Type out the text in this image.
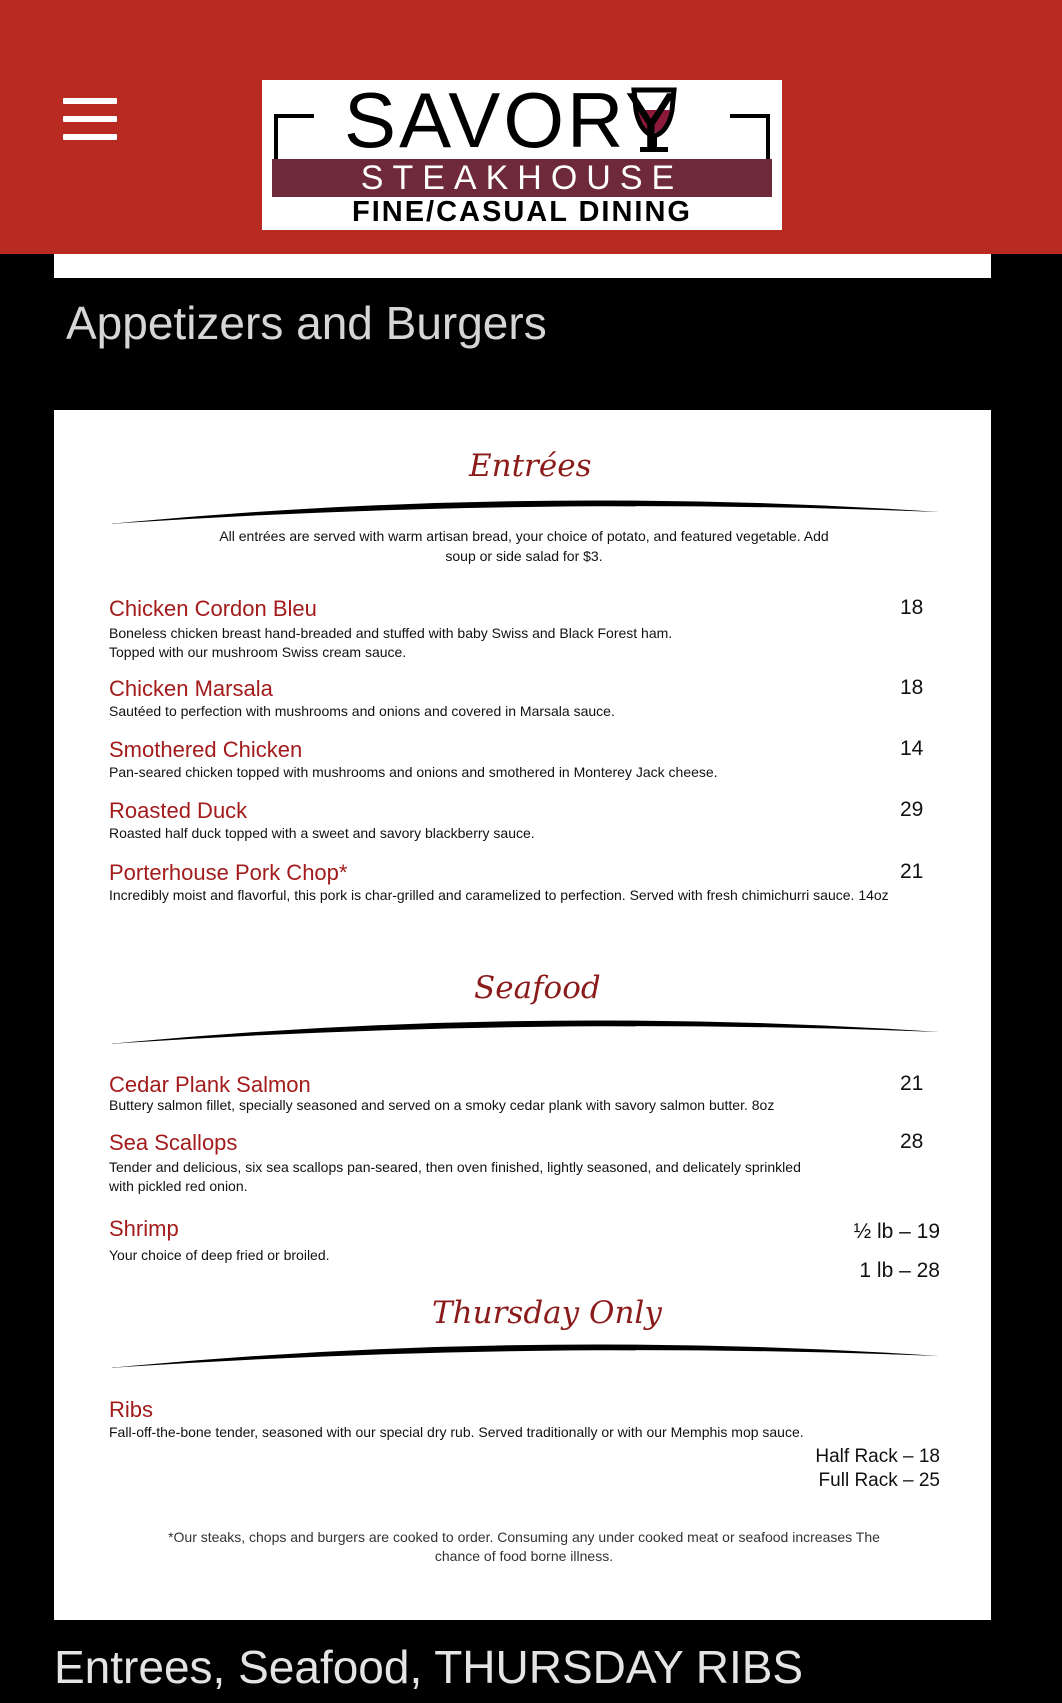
SAVORY
STEAKHOUSE
FINE/CASUAL DINING
Appetizers and Burgers
Entrées
All entrées are served with warm artisan bread, your choice of potato, and featured vegetable. Add soup or side salad for $3.
Chicken Cordon Bleu	18
Boneless chicken breast hand-breaded and stuffed with baby Swiss and Black Forest ham. Topped with our mushroom Swiss cream sauce.
Chicken Marsala	18
Sautéed to perfection with mushrooms and onions and covered in Marsala sauce.
Smothered Chicken	14
Pan-seared chicken topped with mushrooms and onions and smothered in Monterey Jack cheese.
Roasted Duck	29
Roasted half duck topped with a sweet and savory blackberry sauce.
Porterhouse Pork Chop*	21
Incredibly moist and flavorful, this pork is char-grilled and caramelized to perfection. Served with fresh chimichurri sauce. 14oz
Seafood
Cedar Plank Salmon	21
Buttery salmon fillet, specially seasoned and served on a smoky cedar plank with savory salmon butter. 8oz
Sea Scallops	28
Tender and delicious, six sea scallops pan-seared, then oven finished, lightly seasoned, and delicately sprinkled with pickled red onion.
Shrimp	½ lb – 19
Your choice of deep fried or broiled.
1 lb – 28
Thursday Only
Ribs
Fall-off-the-bone tender, seasoned with our special dry rub. Served traditionally or with our Memphis mop sauce.
Half Rack – 18
Full Rack – 25
*Our steaks, chops and burgers are cooked to order. Consuming any under cooked meat or seafood increases The chance of food borne illness.
Entrees, Seafood, THURSDAY RIBS
